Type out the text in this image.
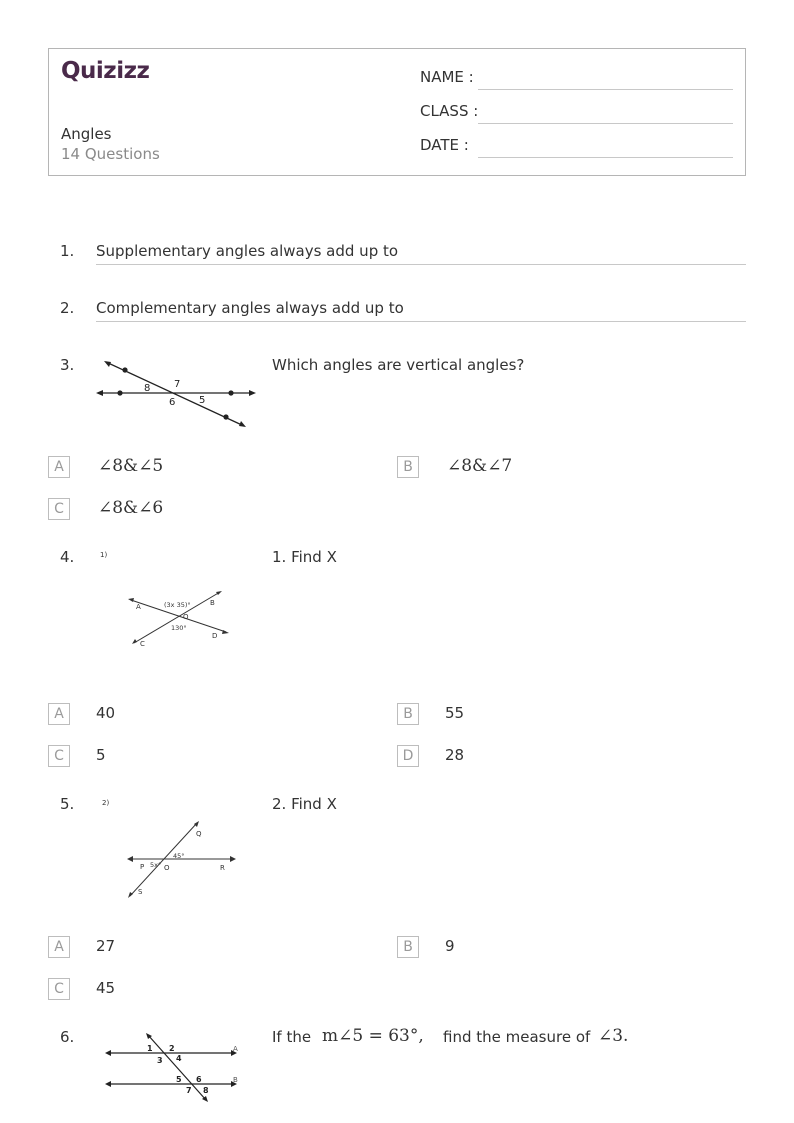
Quizizz
Angles
14 Questions
NAME :
CLASS :
DATE :
1. Supplementary angles always add up to
2. Complementary angles always add up to
3.
8 7
6 5
Which angles are vertical angles?
A	∠8&∠5	B	∠8&∠7
C	∠8&∠6
4.	1)
A	B
(3x 35)°
O
130°
C
D
1. Find X
A	40	B	55
C	5	D	28
5.	2)
Q
45°
P 5x° O	R
S
2. Find X
A	27	B	9
C	45
6.
1 2
3 4
5 6
7 8
A
B
If the m∠5 = 63°, find the measure of ∠3.
